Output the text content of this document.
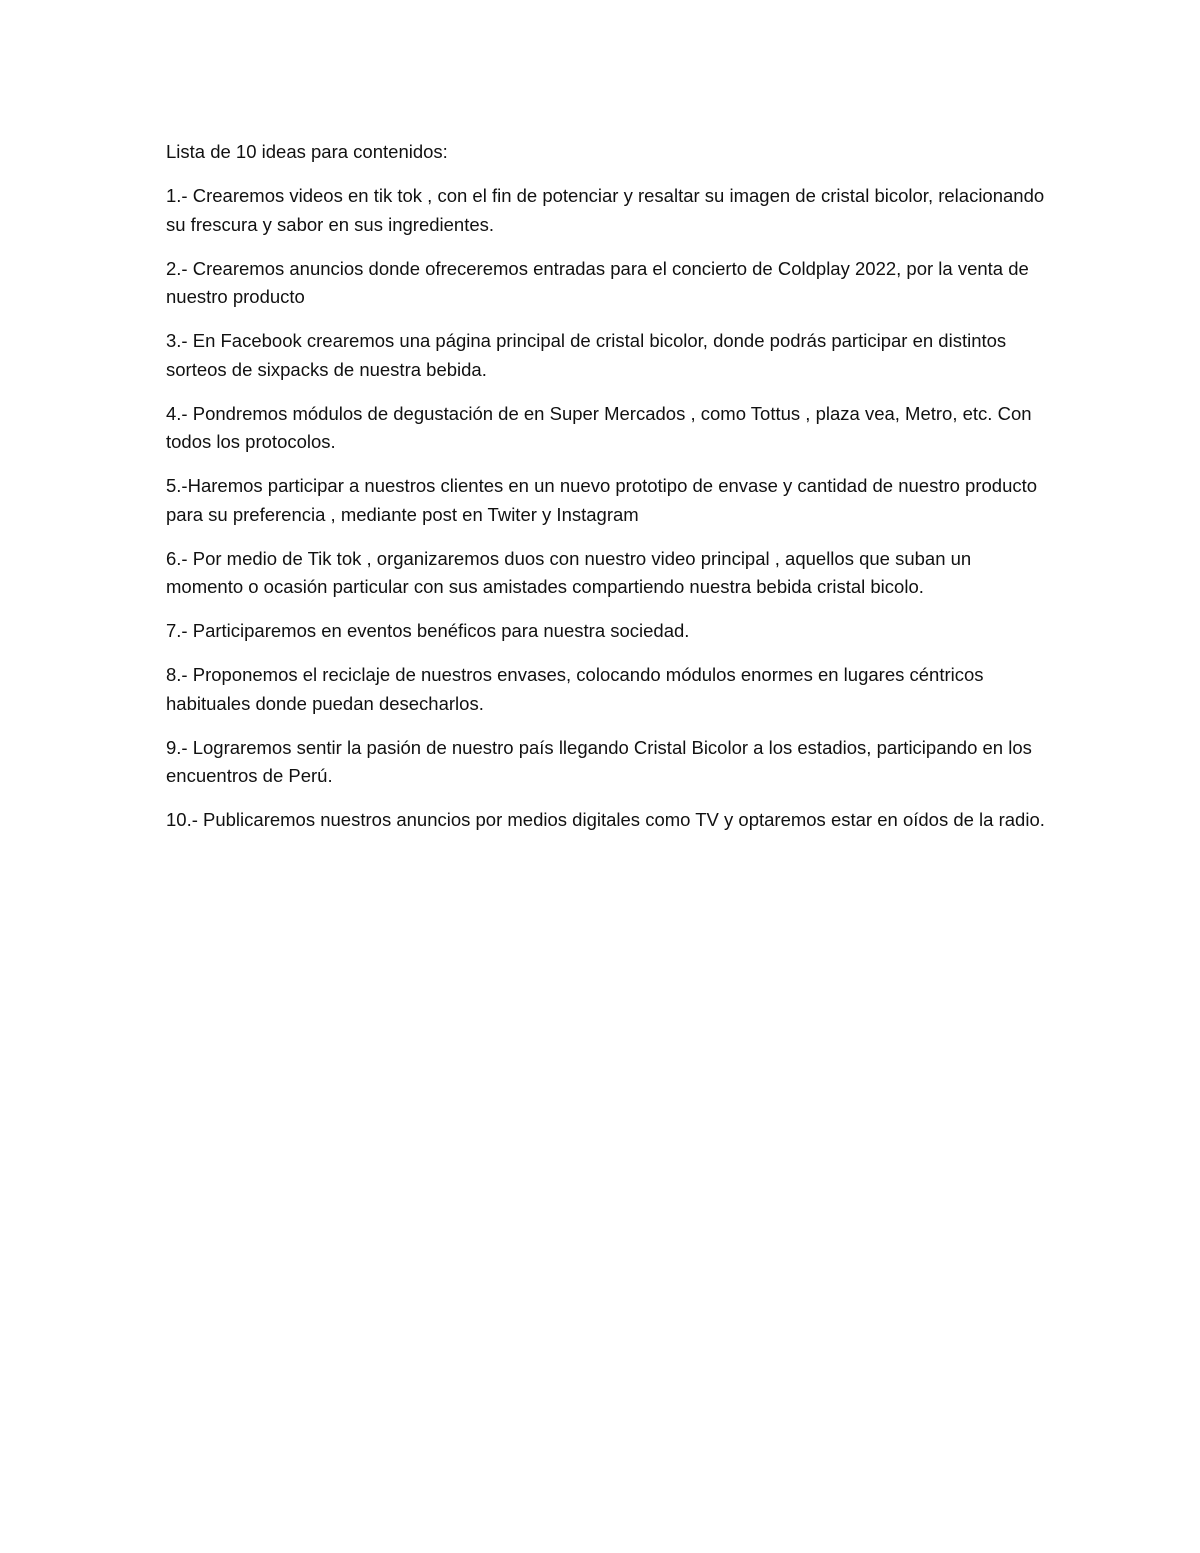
Lista de 10 ideas para contenidos:

1.- Crearemos videos en tik tok , con el fin de potenciar y resaltar su imagen de cristal bicolor, relacionando su frescura y sabor en sus ingredientes.

2.- Crearemos anuncios donde ofreceremos entradas para el concierto de Coldplay 2022, por la venta de nuestro producto

3.- En Facebook crearemos una página principal de cristal bicolor, donde podrás participar en distintos sorteos de sixpacks de nuestra bebida.

4.- Pondremos módulos de degustación de en Super Mercados , como Tottus , plaza vea, Metro, etc. Con todos los protocolos.

5.-Haremos participar a nuestros clientes en un nuevo prototipo de envase y cantidad de nuestro producto para su preferencia , mediante post en Twiter y Instagram

6.- Por medio de Tik tok , organizaremos duos con nuestro video principal , aquellos que suban un momento o ocasión particular con sus amistades compartiendo nuestra bebida cristal bicolo.

7.- Participaremos en eventos benéficos para nuestra sociedad.

8.- Proponemos el reciclaje de nuestros envases, colocando módulos enormes en lugares céntricos habituales donde puedan desecharlos.

9.- Lograremos sentir la pasión de nuestro país llegando Cristal Bicolor a los estadios, participando en los encuentros de Perú.

10.- Publicaremos nuestros anuncios por medios digitales como TV y optaremos estar en oídos de la radio.
